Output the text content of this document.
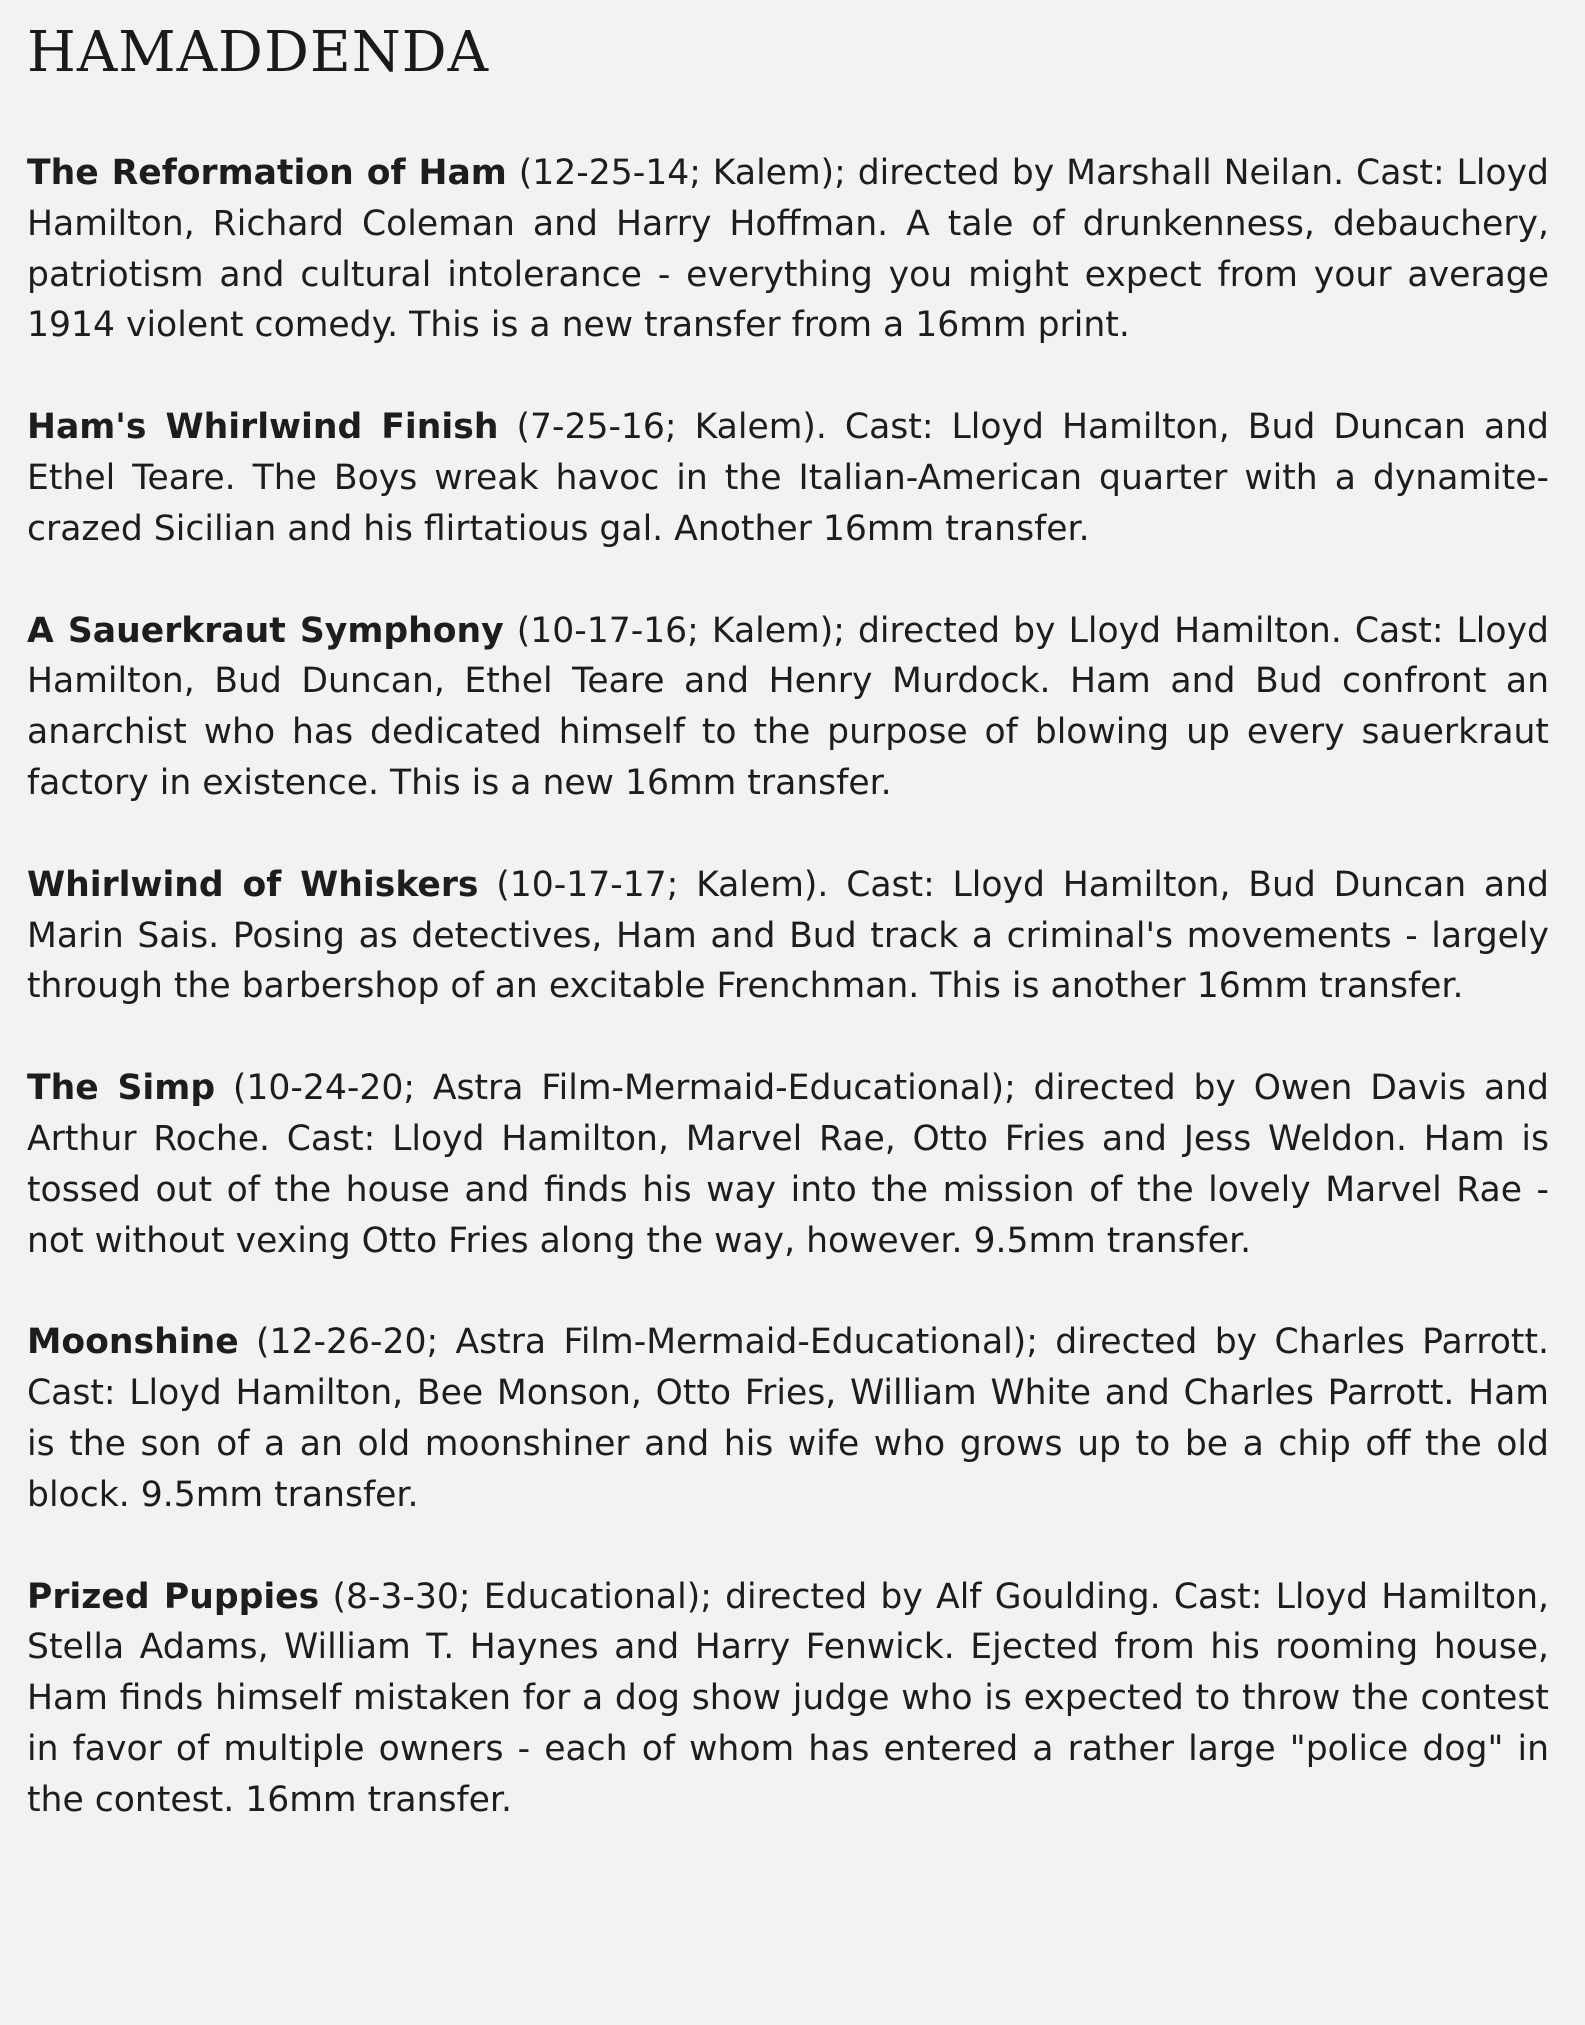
HAMADDENDA

The Reformation of Ham (12-25-14; Kalem); directed by Marshall Neilan. Cast: Lloyd Hamilton, Richard Coleman and Harry Hoffman. A tale of drunkenness, debauchery, patriotism and cultural intolerance - everything you might expect from your average 1914 violent comedy. This is a new transfer from a 16mm print.

Ham's Whirlwind Finish (7-25-16; Kalem). Cast: Lloyd Hamilton, Bud Duncan and Ethel Teare. The Boys wreak havoc in the Italian-American quarter with a dynamite-crazed Sicilian and his flirtatious gal. Another 16mm transfer.

A Sauerkraut Symphony (10-17-16; Kalem); directed by Lloyd Hamilton. Cast: Lloyd Hamilton, Bud Duncan, Ethel Teare and Henry Murdock. Ham and Bud confront an anarchist who has dedicated himself to the purpose of blowing up every sauerkraut factory in existence. This is a new 16mm transfer.

Whirlwind of Whiskers (10-17-17; Kalem). Cast: Lloyd Hamilton, Bud Duncan and Marin Sais. Posing as detectives, Ham and Bud track a criminal's movements - largely through the barbershop of an excitable Frenchman. This is another 16mm transfer.

The Simp (10-24-20; Astra Film-Mermaid-Educational); directed by Owen Davis and Arthur Roche. Cast: Lloyd Hamilton, Marvel Rae, Otto Fries and Jess Weldon. Ham is tossed out of the house and finds his way into the mission of the lovely Marvel Rae - not without vexing Otto Fries along the way, however. 9.5mm transfer.

Moonshine (12-26-20; Astra Film-Mermaid-Educational); directed by Charles Parrott. Cast: Lloyd Hamilton, Bee Monson, Otto Fries, William White and Charles Parrott. Ham is the son of a an old moonshiner and his wife who grows up to be a chip off the old block. 9.5mm transfer.

Prized Puppies (8-3-30; Educational); directed by Alf Goulding. Cast: Lloyd Hamilton, Stella Adams, William T. Haynes and Harry Fenwick. Ejected from his rooming house, Ham finds himself mistaken for a dog show judge who is expected to throw the contest in favor of multiple owners - each of whom has entered a rather large "police dog" in the contest. 16mm transfer.
